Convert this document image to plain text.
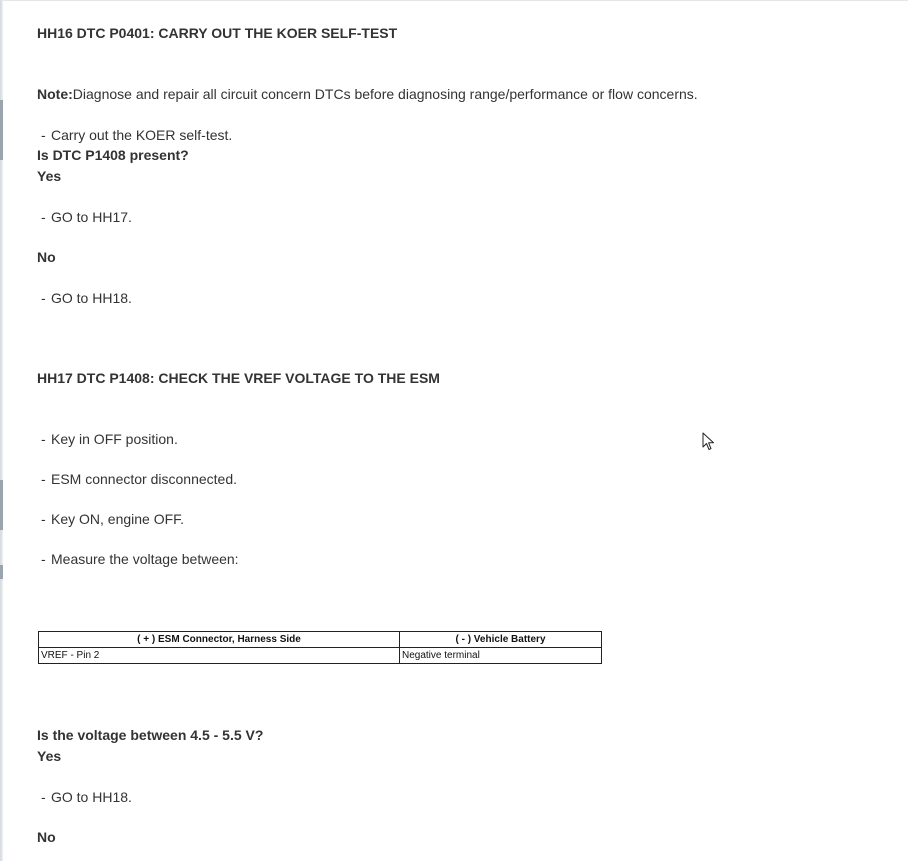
HH16 DTC P0401: CARRY OUT THE KOER SELF-TEST
Note:Diagnose and repair all circuit concern DTCs before diagnosing range/performance or flow concerns.
- Carry out the KOER self-test.
Is DTC P1408 present?
Yes
- GO to HH17.
No
- GO to HH18.
HH17 DTC P1408: CHECK THE VREF VOLTAGE TO THE ESM
- Key in OFF position.
- ESM connector disconnected.
- Key ON, engine OFF.
- Measure the voltage between:
( + ) ESM Connector, Harness Side	( - ) Vehicle Battery
VREF - Pin 2	Negative terminal
Is the voltage between 4.5 - 5.5 V?
Yes
- GO to HH18.
No
